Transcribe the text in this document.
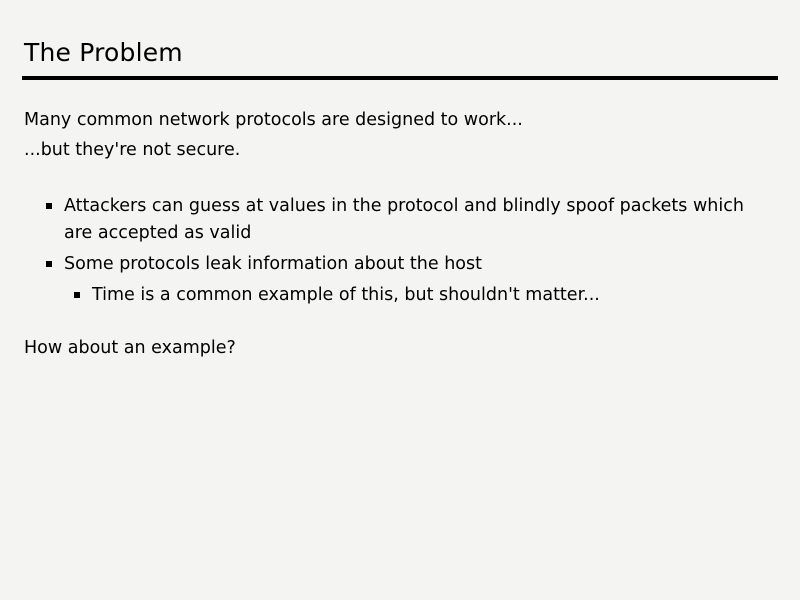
The Problem
Many common network protocols are designed to work...
...but they're not secure.
Attackers can guess at values in the protocol and blindly spoof packets which are accepted as valid
Some protocols leak information about the host
Time is a common example of this, but shouldn't matter...
How about an example?
